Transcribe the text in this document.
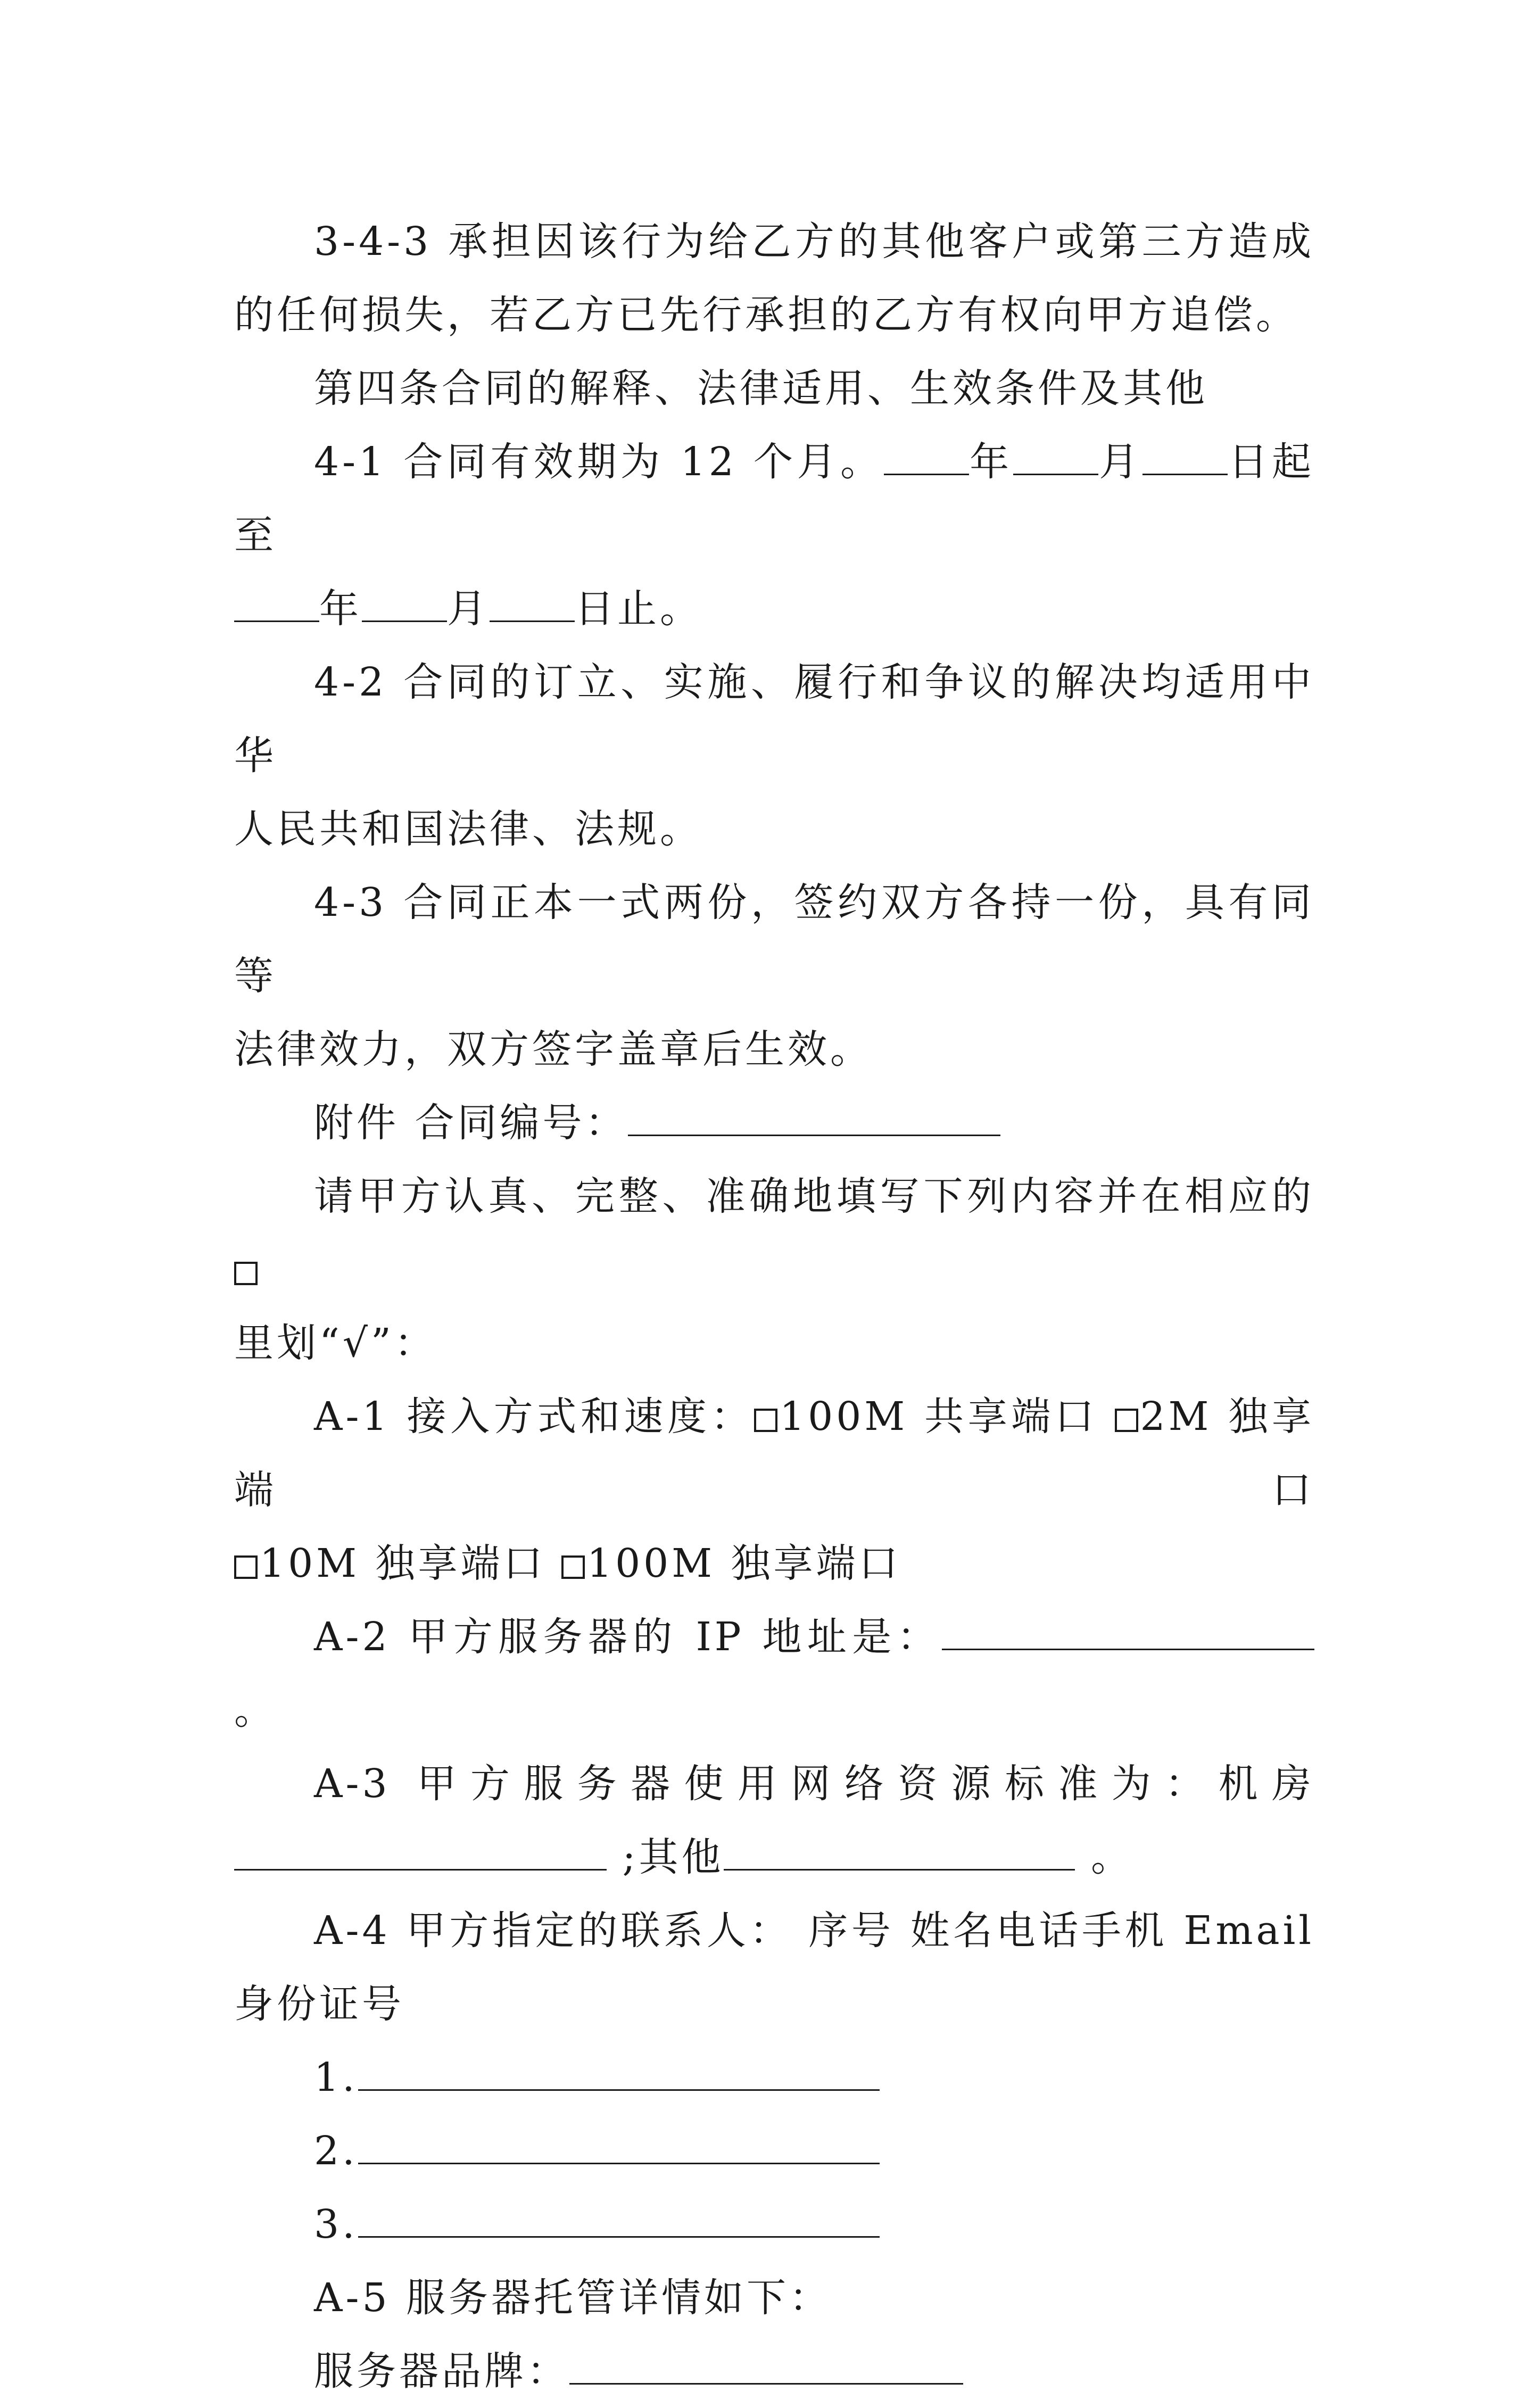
3-4-3 承担因该行为给乙方的其他客户或第三方造成

的任何损失，若乙方已先行承担的乙方有权向甲方追偿。

第四条合同的解释、法律适用、生效条件及其他

4-1 合同有效期为 12 个月。 年 月 日起至

年 月 日止。

4-2 合同的订立、实施、履行和争议的解决均适用中华

人民共和国法律、法规。

4-3 合同正本一式两份，签约双方各持一份，具有同等

法律效力，双方签字盖章后生效。

附件 合同编号：

请甲方认真、完整、准确地填写下列内容并在相应的

里划“√”：

A-1 接入方式和速度： 100M 共享端口 2M 独享端口

10M 独享端口 100M 独享端口

A-2 甲方服务器的 IP 地址是：。

A-3 甲方服务器使用网络资源标准为：机房

;其他	。

A-4 甲方指定的联系人： 序号 姓名电话手机 Email

身份证号

1.

2.

3.

A-5 服务器托管详情如下：

服务器品牌：
